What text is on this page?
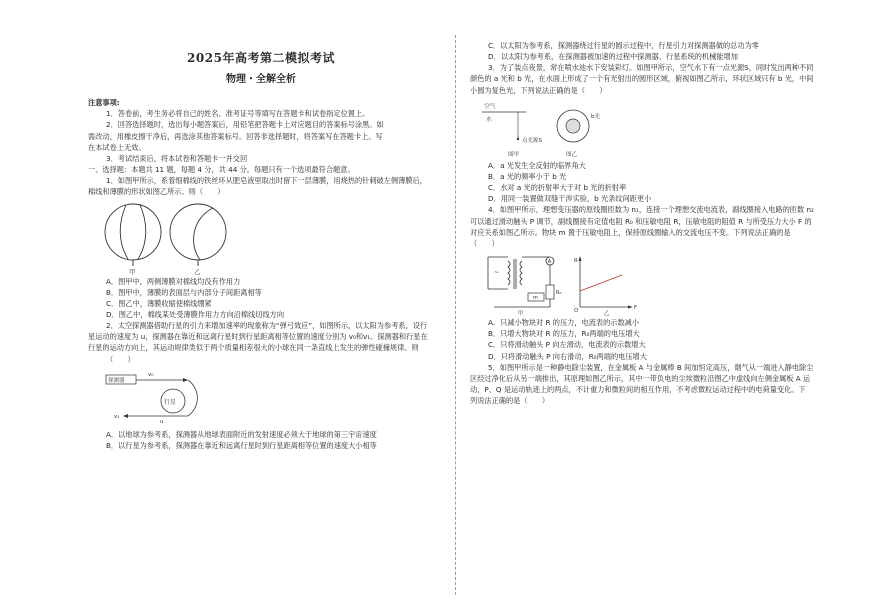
2025年高考第二模拟考试

物理・全解全析

注意事项:

1．答卷前，考生务必将自己的姓名、准考证号等填写在答题卡和试卷指定位置上。

2．回答选择题时，选出每小题答案后，用铅笔把答题卡上对应题目的答案标号涂黑。如

需改动，用橡皮擦干净后，再选涂其他答案标号。回答非选择题时，将答案写在答题卡上。写

在本试卷上无效。

3．考试结束后，将本试卷和答题卡一并交回

一、选择题：本题共 11 题，每题 4 分，共 44 分。每题只有一个选项最符合题意。

1．如图甲所示，系着细棉线的铁丝环从肥皂液里取出时留下一层薄膜，用烧热的针刺破左侧薄膜后，

棉线和薄膜的形状如图乙所示。则（　　）

甲	乙

A．图甲中，两侧薄膜对棉线均没有作用力

B．图甲中，薄膜的表面层与内部分子间距离相等

C．图乙中，薄膜收缩使棉线绷紧

D．图乙中，棉线某处受薄膜作用力方向沿棉线切线方向

2．太空探测器借助行星的引力来增加速率的现象称为“弹弓效应”，如图所示，以太阳为参考系，设行

星运动的速度为 u，探测器在靠近和远离行星时到行星距离相等位置的速度分别为 v₀和v₁。探测器和行星在

行星的运动方向上，其运动规律类似于两个质量相差很大的小球在同一条直线上发生的弹性碰撞规律。则

（　　）

探测器
v₀
行星
v₁
u

A．以地球为参考系，探测器从地球表面附近的发射速度必须大于地球的第三宇宙速度

B．以行星为参考系，探测器在靠近和远离行星时到行星距离相等位置的速度大小相等

C．以太阳为参考系，探测器绕过行星的圆示过程中，行星引力对探测器做的总功为零

D．以太阳为参考系，在探测器被加速的过程中探测器、行星系统的机械能增加

3．为了装点夜景，常在喷水池水下安装彩灯。如图甲所示，空气水下有一点光源S，同时发出两种不同

颜色的 a 光和 b 光，在水面上形成了一个有光射出的圆形区域，俯视如图乙所示，环状区域只有 b 光，中间

小圆为复色光，下列说法正确的是（　　）

空气
水
点光源S
图甲
b光
图乙

A．a 光发生全反射的临界角大

B．a 光的频率小于 b 光

C．水对 a 光的折射率大于对 b 光的折射率

D．用同一装置做双缝干涉实验，b 光条纹间距更小

4．如图甲所示，理想变压器的原线圈匝数为 n₁，连接一个理想交流电流表，副线圈接入电路的匝数 n₂

可以通过滑动触头 P 调节，副线圈接有定值电阻 R₀ 和压敏电阻 R，压敏电阻的阻值 R 与所受压力大小 F 的

对应关系如图乙所示。物块 m 置于压敏电阻上，保持原线圈输入的交流电压不变。下列说法正确的是

（　　）

~
A
m
R₀
甲
R
F
O	乙

A．只减小物块对 R 的压力，电流表的示数减小

B．只增大物块对 R 的压力，R₀两端的电压增大

C．只将滑动触头 P 向左滑动，电流表的示数增大

D．只将滑动触头 P 向右滑动，R₀两端的电压增大

5．如图甲所示是一种静电除尘装置，在金属板 A 与金属棒 B 间加恒定高压，烟气从一端进入静电除尘

区经过净化后从另一端排出，其原理如图乙所示，其中一带负电的尘埃微粒沿图乙中虚线向左侧金属板 A 运

动，P、Q 是运动轨迹上的两点，不计重力和微粒间的相互作用，不考虑微粒运动过程中的电荷量变化。下

列说法正确的是（　　）
